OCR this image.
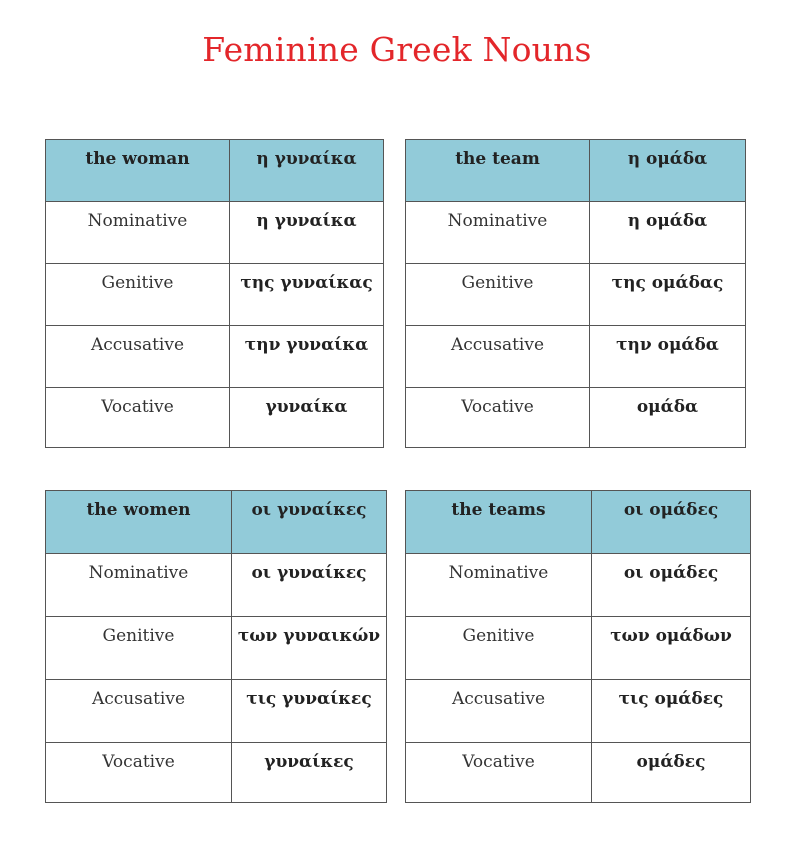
Feminine Greek Nouns
the woman	η γυναίκα
Nominative	η γυναίκα
Genitive	της γυναίκας
Accusative	την γυναίκα
Vocative	γυναίκα
the team	η ομάδα
Nominative	η ομάδα
Genitive	της ομάδας
Accusative	την ομάδα
Vocative	ομάδα
the women	οι γυναίκες
Nominative	οι γυναίκες
Genitive	των γυναικών
Accusative	τις γυναίκες
Vocative	γυναίκες
the teams	οι ομάδες
Nominative	οι ομάδες
Genitive	των ομάδων
Accusative	τις ομάδες
Vocative	ομάδες
